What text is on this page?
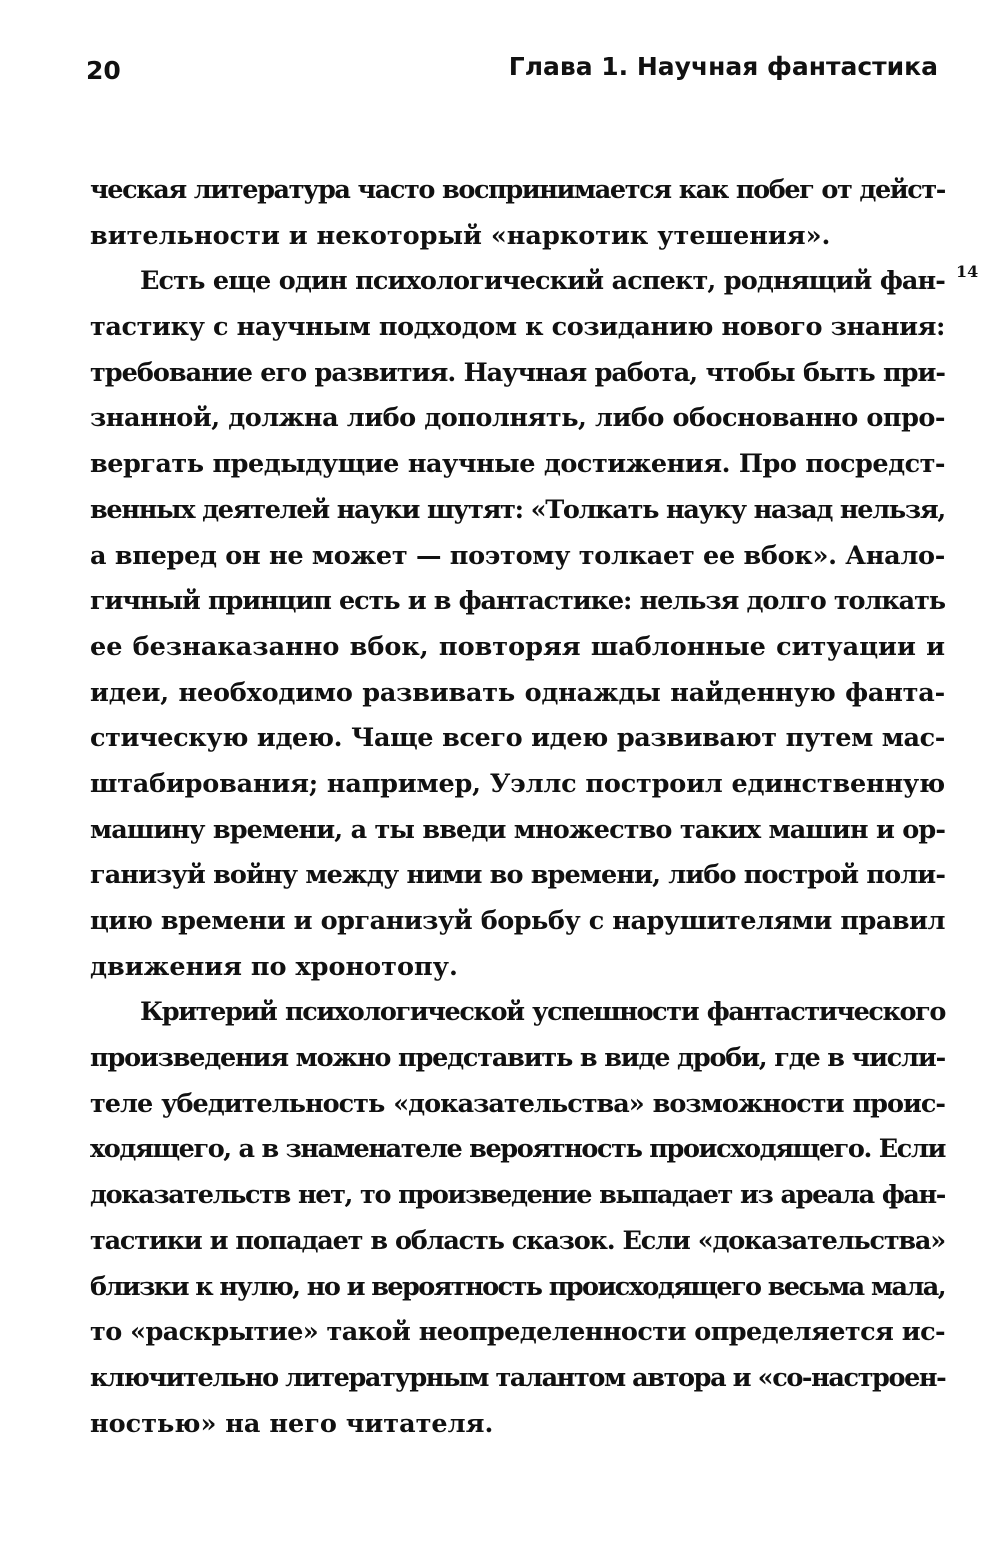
20	Глава 1. Научная фантастика
14
ческая литература часто воспринимается как побег от дейст-
вительности и некоторый «наркотик утешения».
Есть еще один психологический аспект, роднящий фан-
тастику с научным подходом к созиданию нового знания:
требование его развития. Научная работа, чтобы быть при-
знанной, должна либо дополнять, либо обоснованно опро-
вергать предыдущие научные достижения. Про посредст-
венных деятелей науки шутят: «Толкать науку назад нельзя,
а вперед он не может — поэтому толкает ее вбок». Анало-
гичный принцип есть и в фантастике: нельзя долго толкать
ее безнаказанно вбок, повторяя шаблонные ситуации и
идеи, необходимо развивать однажды найденную фанта-
стическую идею. Чаще всего идею развивают путем мас-
штабирования; например, Уэллс построил единственную
машину времени, а ты введи множество таких машин и ор-
ганизуй войну между ними во времени, либо построй поли-
цию времени и организуй борьбу с нарушителями правил
движения по хронотопу.
Критерий психологической успешности фантастического
произведения можно представить в виде дроби, где в числи-
теле убедительность «доказательства» возможности проис-
ходящего, а в знаменателе вероятность происходящего. Если
доказательств нет, то произведение выпадает из ареала фан-
тастики и попадает в область сказок. Если «доказательства»
близки к нулю, но и вероятность происходящего весьма мала,
то «раскрытие» такой неопределенности определяется ис-
ключительно литературным талантом автора и «со-настроен-
ностью» на него читателя.
